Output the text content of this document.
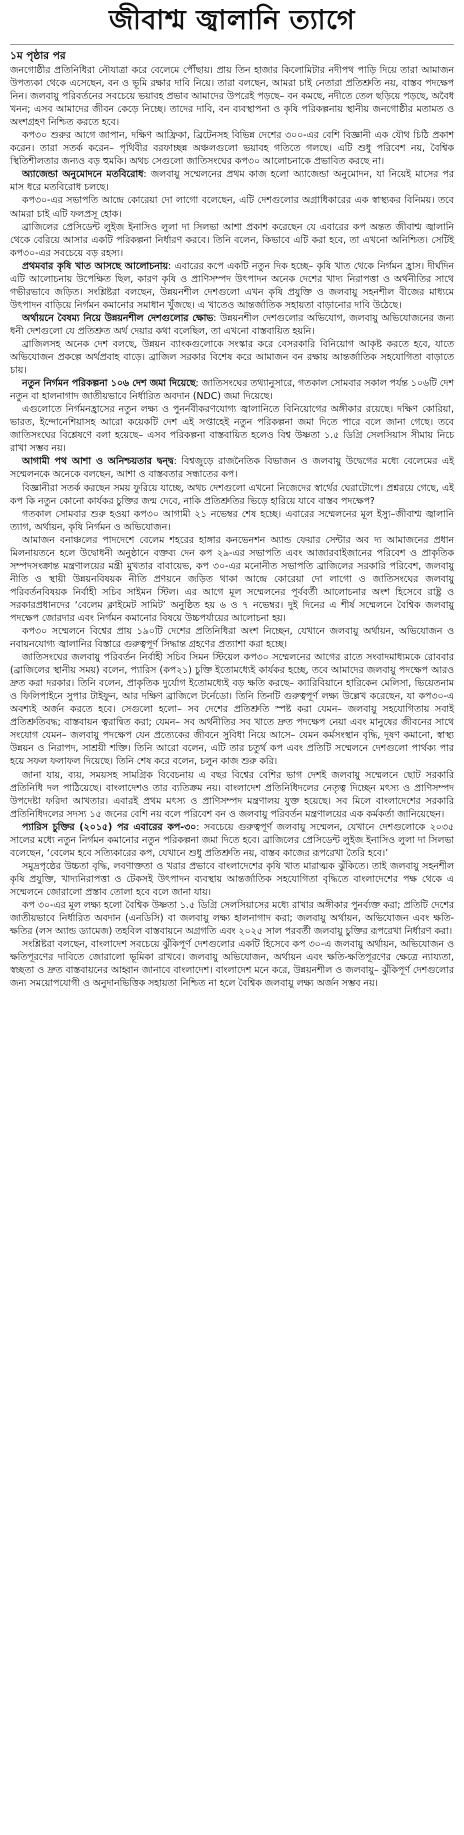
জীবাশ্ম জ্বালানি ত্যাগে
১ম পৃষ্ঠার পর

জনগোষ্ঠীর প্রতিনিধিরা নৌযাত্রা করে বেলেমে পৌঁছায়। প্রায় তিন হাজার কিলোমিটার নদীপথ পাড়ি দিয়ে তারা আমাজন উপত্যকা থেকে এসেছেন, বন ও ভূমি রক্ষার দাবি নিয়ে। তারা বলছেন, আমরা চাই নেতারা প্রতিশ্রুতি নয়, বাস্তব পদক্ষেপ নিন। জলবায়ু পরিবর্তনের সবচেয়ে ভয়াবহ প্রভাব আমাদের উপরেই পড়ছে– বন কমছে, নদীতে তেল ছড়িয়ে পড়ছে, অবৈধ খনন; এসব আমাদের জীবন কেড়ে নিচ্ছে। তাদের দাবি, বন ব্যবস্থাপনা ও কৃষি পরিকল্পনায় স্থানীয় জনগোষ্ঠীর মতামত ও অংশগ্রহণ নিশ্চিত করতে হবে।

কপ৩০ শুরুর আগে জাপান, দক্ষিণ আফ্রিকা, ব্রিটেনসহ বিভিন্ন দেশের ৩০০-এর বেশি বিজ্ঞানী এক যৌথ চিঠি প্রকাশ করেন। তারা সতর্ক করেন– পৃথিবীর বরফাচ্ছন্ন অঞ্চলগুলো ভয়াবহ গতিতে গলছে। এটি শুধু পরিবেশ নয়, বৈশ্বিক স্থিতিশীলতার জন্যও বড় হুমকি। অথচ সেগুলো জাতিসংঘের কপ৩০ আলোচনাকে প্রভাবিত করছে না।

অ্যাজেন্ডা অনুমোদনে মতবিরোধ: জলবায়ু সম্মেলনের প্রথম কাজ হলো অ্যাজেন্ডা অনুমোদন, যা নিয়েই মাসের পর মাস ধরে মতবিরোধ চলছে।

কপ৩০-এর সভাপতি আন্দ্রে কোরেয়া দো লাগো বলেছেন, এটি দেশগুলোর অগ্রাধিকারের এক স্বাস্থ্যকর বিনিময়। তবে আমরা চাই এটি ফলপ্রসূ হোক।

ব্রাজিলের প্রেসিডেন্ট লুইজ ইনাসিও লুলা দা সিলভা আশা প্রকাশ করেছেন যে এবারের কপ অন্তত জীবাশ্ম জ্বালানি থেকে বেরিয়ে আসার একটি পরিকল্পনা নির্ধারণ করবে। তিনি বলেন, কিভাবে এটি করা হবে, তা এখনো অনিশ্চিত। সেটিই কপ৩০-এর সবচেয়ে বড় রহস্য।

প্রথমবার কৃষি খাত আসছে আলোচনায়: এবারের কপে একটি নতুন দিক হচ্ছে– কৃষি খাত থেকে নির্গমন হ্রাস। দীর্ঘদিন এটি আলোচনায় উপেক্ষিত ছিল, কারণ কৃষি ও প্রাণিসম্পদ উৎপাদন অনেক দেশের খাদ্য নিরাপত্তা ও অর্থনীতির সাথে গভীরভাবে জড়িত। সংশ্লিষ্টরা বলছেন, উন্নয়নশীল দেশগুলো এখন কৃষি প্রযুক্তি ও জলবায়ু সহনশীল বীজের মাধ্যমে উৎপাদন বাড়িয়ে নির্গমন কমানোর সমাধান খুঁজছে। এ খাতেও আন্তর্জাতিক সহায়তা বাড়ানোর দাবি উঠেছে।

অর্থায়নে বৈষম্য নিয়ে উন্নয়নশীল দেশগুলোর ক্ষোভ: উন্নয়নশীল দেশগুলোর অভিযোগ, জলবায়ু অভিযোজনের জন্য ধনী দেশগুলো যে প্রতিশ্রুত অর্থ দেয়ার কথা বলেছিল, তা এখনো বাস্তবায়িত হয়নি।

ব্রাজিলসহ অনেক দেশ বলছে, উন্নয়ন ব্যাংকগুলোকে সংস্কার করে বেসরকারি বিনিয়োগ আকৃষ্ট করতে হবে, যাতে অভিযোজন প্রকল্পে অর্থপ্রবাহ বাড়ে। ব্রাজিল সরকার বিশেষ করে আমাজন বন রক্ষায় আন্তর্জাতিক সহযোগিতা বাড়াতে চায়।

নতুন নির্গমন পরিকল্পনা ১০৬ দেশ জমা দিয়েছে: জাতিসংঘের তথ্যানুসারে, গতকাল সোমবার সকাল পর্যন্ত ১০৬টি দেশ নতুন বা হালনাগাদ জাতীয়ভাবে নির্ধারিত অবদান (NDC) জমা দিয়েছে।

এগুলোতে নির্গমনহ্রাসের নতুন লক্ষ্য ও পুনর্নবীকরণযোগ্য জ্বালানিতে বিনিয়োগের অঙ্গীকার রয়েছে। দক্ষিণ কোরিয়া, ভারত, ইন্দোনেশিয়াসহ আরো কয়েকটি দেশ এই সপ্তাহেই নতুন পরিকল্পনা জমা দিতে পারে বলে জানা গেছে। তবে জাতিসংঘের বিশ্লেষণে বলা হয়েছে– এসব পরিকল্পনা বাস্তবায়িত হলেও বিশ্ব উষ্ণতা ১.৫ ডিগ্রি সেলসিয়াস সীমায় নিচে রাখা সম্ভব নয়।

আগামী পথ আশা ও অনিশ্চয়তার দ্বন্দ্ব: বিশ্বজুড়ে রাজনৈতিক বিভাজন ও জলবায়ু উদ্বেগের মধ্যে বেলেমের এই সম্মেলনকে অনেকে বলছেন, আশা ও বাস্তবতার সন্ধাতের কপ।

বিজ্ঞানীরা সতর্ক করছেন সময় ফুরিয়ে যাচ্ছে, অথচ দেশগুলো এখনো নিজেদের স্বার্থের ঘেরাটোপে। প্রশ্নরয়ে গেছে, এই কপ কি নতুন কোনো কার্যকর চুক্তির জন্ম দেবে, নাকি প্রতিশ্রুতির ভিড়ে হারিয়ে যাবে বাস্তব পদক্ষেপ?

গতকাল সোমবার শুরু হওয়া কপ৩০ আগামী ২১ নভেম্বর শেষ হচ্ছে। এবারের সম্মেলনের মূল ইস্যু–জীবাশ্ম জ্বালানি ত্যাগ, অর্থায়ন, কৃষি নির্গমন ও অভিযোজন।

আমাজন বনাঞ্চলের পাদদেশে বেলেম শহরের হাঙ্গার কনভেনশন অ্যান্ড ফেয়ার সেন্টার অব দ্য আমাজনের প্রধান মিলনায়তনে হলে উদ্বোধনী অনুষ্ঠানে বক্তব্য দেন কপ ২৯-এর সভাপতি এবং আজারবাইজানের পরিবেশ ও প্রাকৃতিক সম্পদসংক্রান্ত মন্ত্রণালয়ের মন্ত্রী মুখতার বাবায়েভ, কপ ৩০-এর মনোনীত সভাপতি ব্রাজিলের সরকারি পরিবেশ, জলবায়ু নীতি ও স্থায়ী উন্নয়নবিষয়ক নীতি প্রণয়নে জড়িত থাকা আন্দ্রে কোরেয়া দো লাগো ও জাতিসংঘের জলবায়ু পরিবর্তনবিষয়ক নির্বাহী সচিব সাইমন স্টিল। এর আগে মূল সম্মেলনের পূর্ববর্তী আলোচনার অংশ হিসেবে রাষ্ট্র ও সরকারপ্রধানদের ‘বেলেম ক্লাইমেট সামিট’ অনুষ্ঠিত হয় ৬ ও ৭ নভেম্বর। দুই দিনের এ শীর্ষ সম্মেলনে বৈশ্বিক জলবায়ু পদক্ষেপ জোরদার এবং নির্গমন কমানোর বিষয়ে উচ্চপর্যায়ের আলোচনা হয়।

কপ৩০ সম্মেলনে বিশ্বের প্রায় ১৯০টি দেশের প্রতিনিধিরা অংশ নিচ্ছেন, যেখানে জলবায়ু অর্থায়ন, অভিযোজন ও নবায়নযোগ্য জ্বালানির বিস্তারে গুরুত্বপূর্ণ সিদ্ধান্ত গ্রহণের প্রত্যাশা করা হচ্ছে।

জাতিসংঘের জলবায়ু পরিবর্তন নির্বাহী সচিব সিমন স্টিয়েল কপ৩০ সম্মেলনের আগের রাতে সংবাদমাধ্যমকে রোববার (ব্রাজিলের স্থানীয় সময়) বলেন, প্যারিস (কপ২১) চুক্তি ইতোমধ্যেই কার্যকর হচ্ছে, তবে আমাদের জলবায়ু পদক্ষেপ আরও দ্রুত করা দরকার। তিনি বলেন, প্রাকৃতিক দুর্যোগ ইতোমধ্যেই বড় ক্ষতি করছে– ক্যারিবিয়ানে হারিকেন মেলিসা, ভিয়েতনাম ও ফিলিপাইনে সুপার টাইফুন, আর দক্ষিণ ব্রাজিলে টর্নেডো। তিনি তিনটি গুরুত্বপূর্ণ লক্ষ্য উল্লেখ করেছেন, যা কপ৩০-এ অবশ্যই অর্জন করতে হবে। সেগুলো হলো– সব দেশের প্রতিশ্রুতি স্পষ্ট করা যেমন– জলবায়ু সহযোগিতায় সবাই প্রতিশ্রুতিবদ্ধ; বাস্তবায়ন ত্বরান্বিত করা; যেমন– সব অর্থনীতির সব খাতে দ্রুত পদক্ষেপ নেয়া এবং মানুষের জীবনের সাথে সংযোগ যেমন– জলবায়ু পদক্ষেপ যেন প্রত্যেকের জীবনে সুবিধা নিয়ে আসে– যেমন কর্মসংস্থান বৃদ্ধি, দূষণ কমানো, স্বাস্থ্য উন্নয়ন ও নিরাপদ, সাশ্রয়ী শক্তি। তিনি আরো বলেন, এটি তার চতুর্থ কপ এবং প্রতিটি সম্মেলনে দেশগুলো পার্থক্য পার হয়ে সফল ফলাফল দিয়েছে। তিনি শেষ করে বলেন, চলুন কাজ শুরু করি।

জানা যায়, ব্যয়, সময়সহ সামগ্রিক বিবেচনায় এ বছর বিশ্বের বেশির ভাগ দেশই জলবায়ু সম্মেলনে ছোট সরকারি প্রতিনিধি দল পাঠিয়েছে। বাংলাদেশও তার ব্যতিক্রম নয়। বাংলাদেশ প্রতিনিধিদলের নেতৃত্ব দিচ্ছেন মৎস্য ও প্রাণিসম্পদ উপদেষ্টা ফরিদা আখতার। এবারই প্রথম মৎস্য ও প্রাণিসম্পদ মন্ত্রণালয় যুক্ত হয়েছে। সব মিলে বাংলাদেশের সরকারি প্রতিনিধিদলের সদস্য ১৫ জনের বেশি নয় বলে পরিবেশ বন ও জলবায়ু পরিবর্তন মন্ত্রণালয়ের এক কর্মকর্তা জানিয়েছেন।

প্যারিস চুক্তির (২০১৫) পর এবারের কপ-৩০: সবচেয়ে গুরুত্বপূর্ণ জলবায়ু সম্মেলন, যেখানে দেশগুলোকে ২০৩৫ সালের মধ্যে নতুন নির্গমন কমানোর নতুন পরিকল্পনা জমা দিতে হবে। ব্রাজিলের প্রেসিডেন্ট লুইজ ইনাসিও লুলা দা সিলভা বলেছেন, ‘বেলেম হবে সত্যিকারের কপ, যেখানে শুধু প্রতিশ্রুতি নয়, বাস্তব কাজের রূপরেখা তৈরি হবে।’

সমুদ্রপৃষ্ঠের উচ্চতা বৃদ্ধি, লবণাক্ততা ও খরার প্রভাবে বাংলাদেশের কৃষি খাত মারাত্মক ঝুঁকিতে। তাই জলবায়ু সহনশীল কৃষি প্রযুক্তি, খাদ্যনিরাপত্তা ও টেকসই উৎপাদন ব্যবস্থায় আন্তর্জাতিক সহযোগিতা বৃদ্ধিতে বাংলাদেশের পক্ষ থেকে এ সম্মেলনে জোরালো প্রস্তাব তোলা হবে বলে জানা যায়।

কপ ৩০-এর মূল লক্ষ্য হলো বৈশ্বিক উষ্ণতা ১.৫ ডিগ্রি সেলসিয়াসের মধ্যে রাখার অঙ্গীকার পুনর্ব্যক্ত করা; প্রতিটি দেশের জাতীয়ভাবে নির্ধারিত অবদান (এনডিসি) বা জলবায়ু লক্ষ্য হালনাগাদ করা; জলবায়ু অর্থায়ন, অভিযোজন এবং ক্ষতি-ক্ষতির (লস অ্যান্ড ড্যামেজ) তহবিল বাস্তবায়নে অগ্রগতি এবং ২০২৫ সাল পরবর্তী জলবায়ু চুক্তির রূপরেখা নির্ধারণ করা।

সংশ্লিষ্টরা বলছেন, বাংলাদেশ সবচেয়ে ঝুঁকিপূর্ণ দেশগুলোর একটি হিসেবে কপ ৩০-এ জলবায়ু অর্থায়ন, অভিযোজন ও ক্ষতিপূরণের দাবিতে জোরালো ভূমিকা রাখবে। জলবায়ু অভিযোজন, অর্থায়ন এবং ক্ষতি-ক্ষতিপূরণের ক্ষেত্রে ন্যায্যতা, স্বচ্ছতা ও দ্রুত বাস্তবায়নের আহ্বান জানাবে বাংলাদেশ। বাংলাদেশ মনে করে, উন্নয়নশীল ও জলবায়ু– ঝুঁকিপূর্ণ দেশগুলোর জন্য সময়োপযোগী ও অনুদানভিত্তিক সহায়তা নিশ্চিত না হলে বৈশ্বিক জলবায়ু লক্ষ্য অর্জন সম্ভব নয়।
